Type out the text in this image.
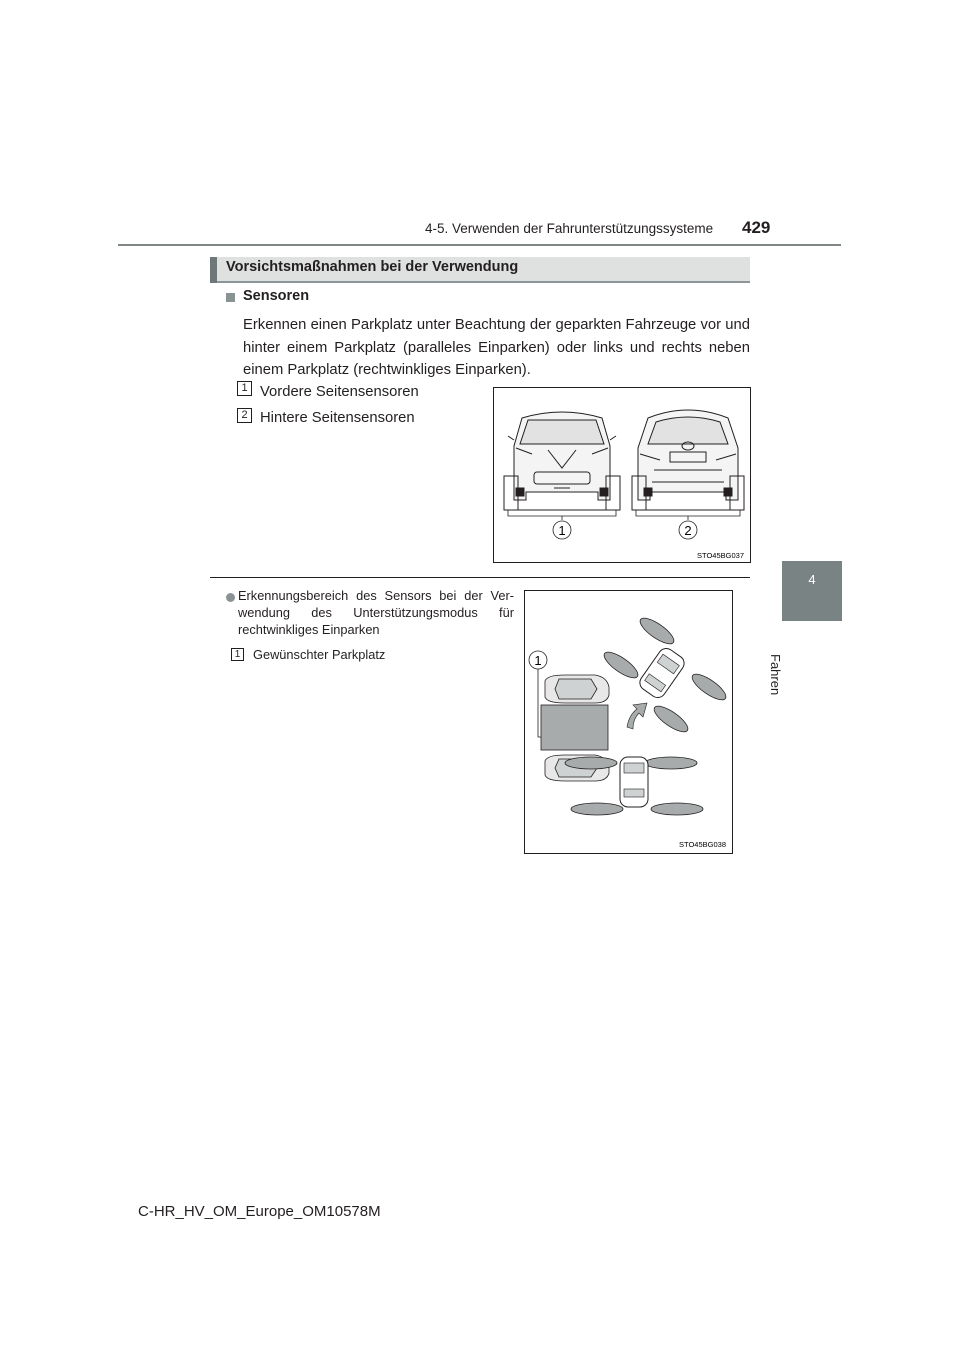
4-5. Verwenden der Fahrunterstützungssysteme 429
4
Fahren
Vorsichtsmaßnahmen bei der Verwendung
Sensoren
Erkennen einen Parkplatz unter Beachtung der geparkten Fahrzeuge vor und hinter einem Parkplatz (paralleles Einparken) oder links und rechts neben einem Parkplatz (rechtwinkliges Einparken).
1 Vordere Seitensensoren
2 Hintere Seitensensoren
1	2
STO45BG037
Erkennungsbereich des Sensors bei der Ver-
wendung des Unterstützungsmodus für
rechtwinkliges Einparken
1 Gewünschter Parkplatz	1
STO45BG038
C-HR_HV_OM_Europe_OM10578M
